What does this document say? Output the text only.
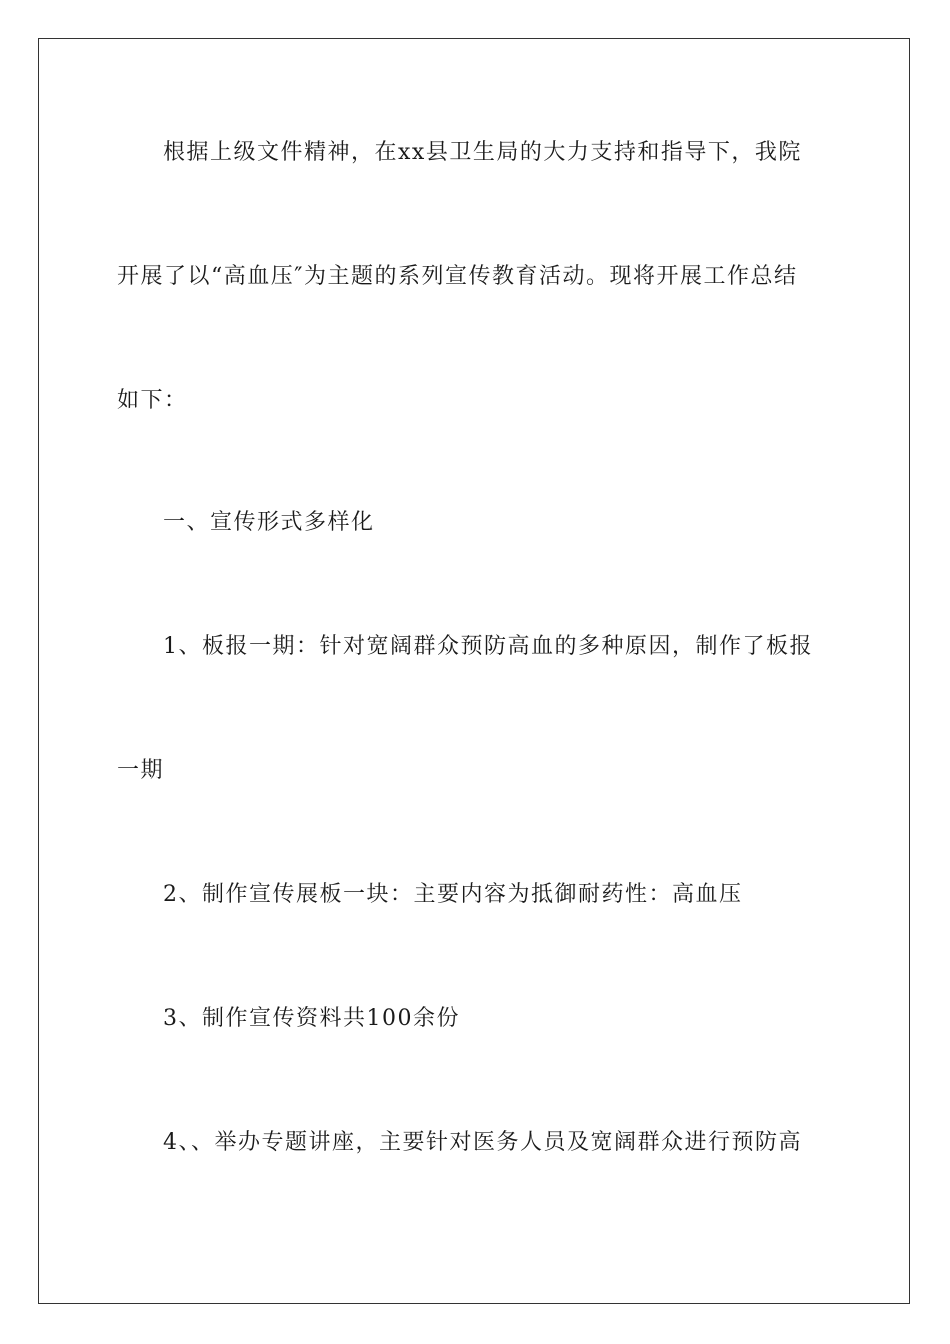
根据上级文件精神，在xx县卫生局的大力支持和指导下，我院
开展了以“高血压″为主题的系列宣传教育活动。现将开展工作总结
如下：
一、宣传形式多样化
1、板报一期：针对宽阔群众预防高血的多种原因，制作了板报
一期
2、制作宣传展板一块：主要内容为抵御耐药性：高血压
3、制作宣传资料共100余份
4、、举办专题讲座，主要针对医务人员及宽阔群众进行预防高
